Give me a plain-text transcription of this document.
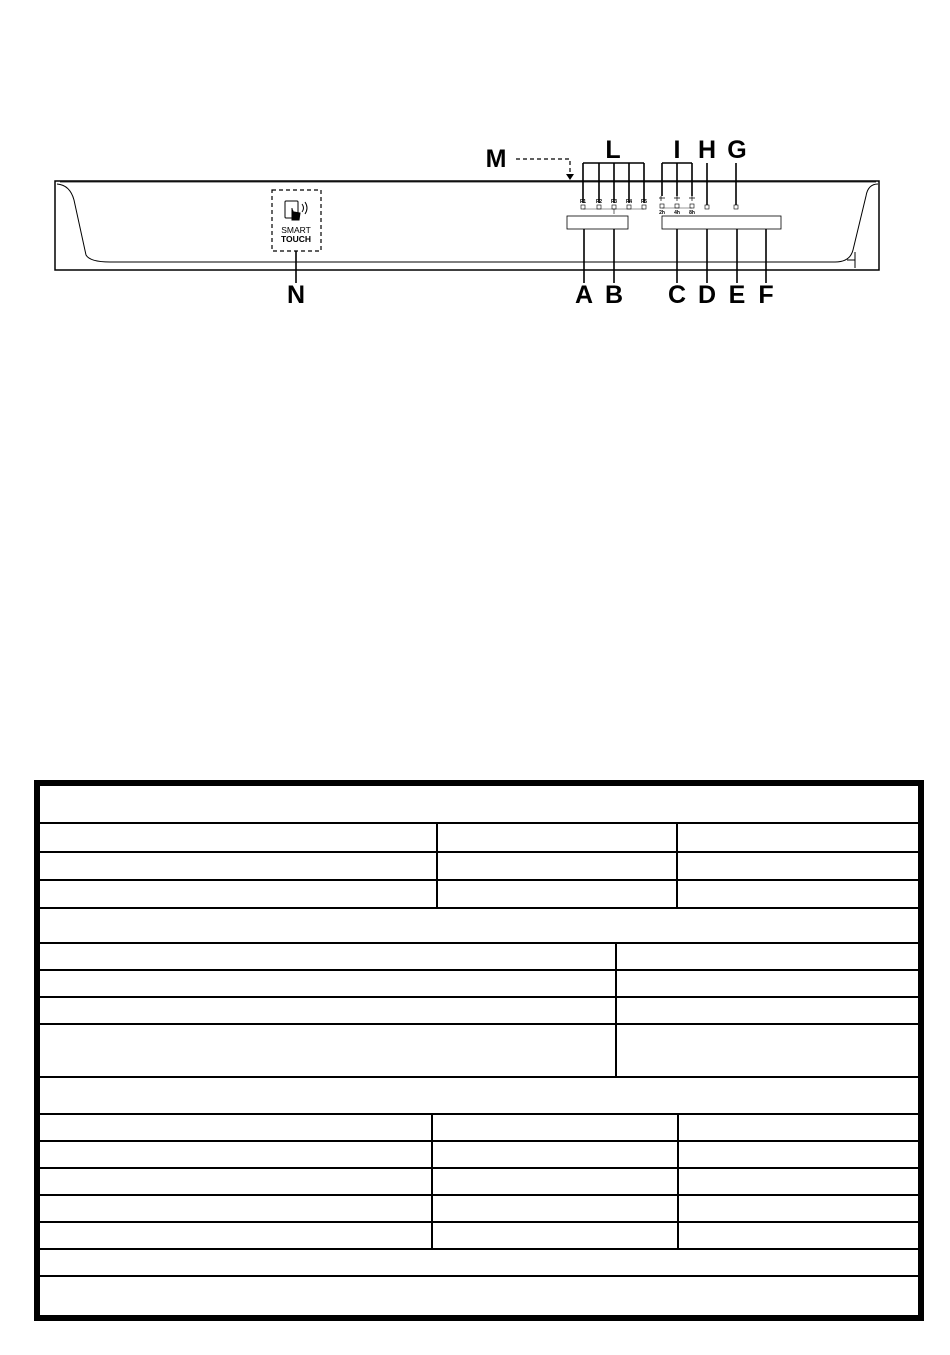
SMART
TOUCH
P1 P2 P3 P4 P5
2h 4h 8h
M	L I H G
N	A B C D E F
